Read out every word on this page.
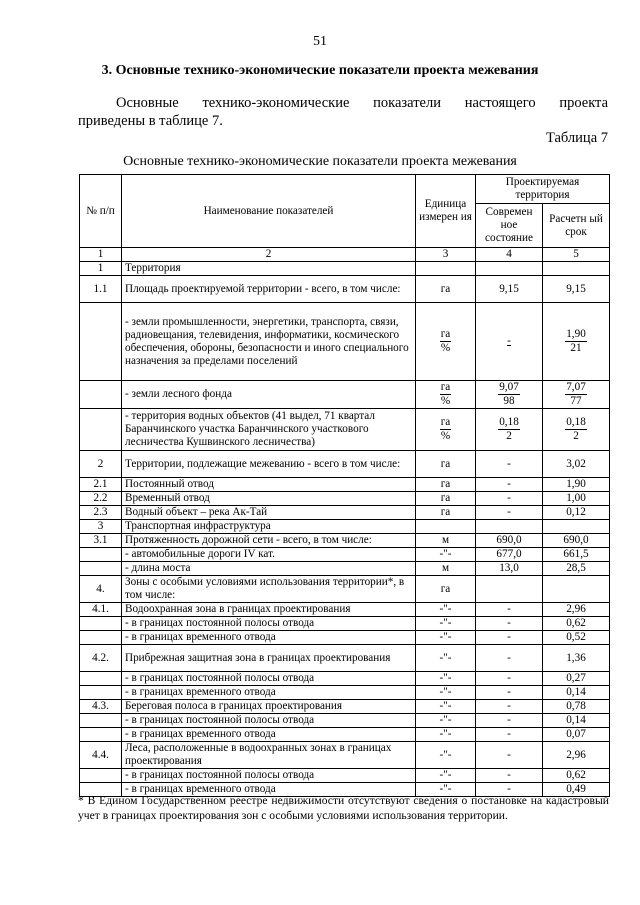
51
3. Основные технико-экономические показатели проекта межевания

Основные технико-экономические показатели настоящего проекта

приведены в таблице 7.

Таблица 7
Основные технико-экономические показатели проекта межевания
№ п/п	Наименование показателей	Единица измерен ия	Проектируемая территория	
			Современ ное состояние	Расчетн ый срок
1	2	3	4	5
1	Территория			
1.1	Площадь проектируемой территории - всего, в том числе:	га	9,15	9,15
	- земли промышленности, энергетики, транспорта, связи, радиовещания, телевидения, информатики, космического обеспечения, обороны, безопасности и иного специального назначения за пределами поселений	$\frac{га}{\%}$	-	$\frac{1,90}{21}$

	- земли лесного фонда	$\frac{га}{\%}$	$\frac{9,07}{98}$	$\frac{7,07}{77}$

	- территория водных объектов (41 выдел, 71 квартал Баранчинского участка Баранчинского участкового лесничества Кушвинского лесничества)	$\frac{га}{\%}$	$\frac{0,18}{2}$	$\frac{0,18}{2}$

2	Территории, подлежащие межеванию - всего в том числе:	га	-	3,02
2.1	Постоянный отвод	га	-	1,90
2.2	Временный отвод	га	-	1,00
2.3	Водный объект – река Ак-Тай	га	-	0,12
3	Транспортная инфраструктура			
3.1	Протяженность дорожной сети - всего, в том числе:	м	690,0	690,0
	- автомобильные дороги IV кат.	-"-	677,0	661,5
	- длина моста	м	13,0	28,5
4.	Зоны с особыми условиями использования территории*, в том числе:	га		
4.1.	Водоохранная зона в границах проектирования	-"-	-	2,96
	- в границах постоянной полосы отвода	-"-	-	0,62
	- в границах временного отвода	-"-	-	0,52
4.2.	Прибрежная защитная зона в границах проектирования	-"-	-	1,36
	- в границах постоянной полосы отвода	-"-	-	0,27
	- в границах временного отвода	-"-	-	0,14
4.3.	Береговая полоса в границах проектирования	-"-	-	0,78
	- в границах постоянной полосы отвода	-"-	-	0,14
	- в границах временного отвода	-"-	-	0,07
4.4.	Леса, расположенные в водоохранных зонах в границах проектирования	-"-	-	2,96
	- в границах постоянной полосы отвода	-"-	-	0,62
	- в границах временного отвода	-"-	-	0,49
* В Едином Государственном реестре недвижимости отсутствуют сведения о постановке на кадастровый учет в границах проектирования зон с особыми условиями использования территории.
